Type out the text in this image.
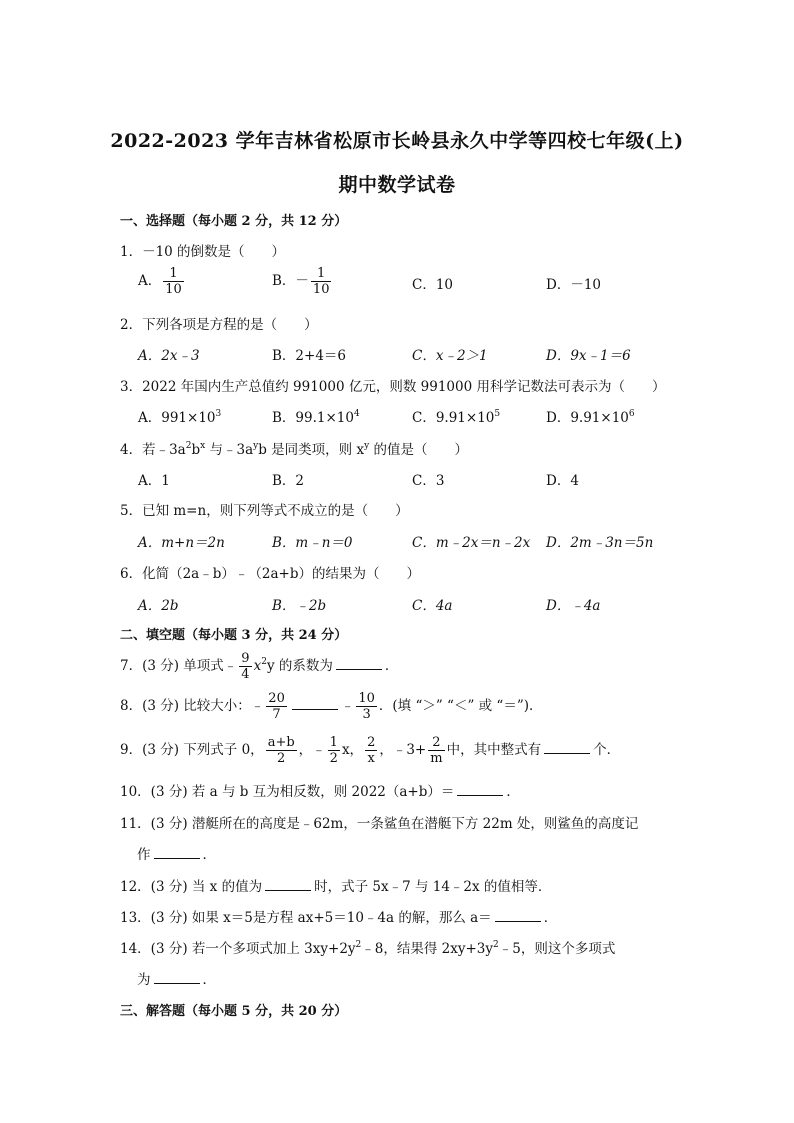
2022-2023 学年吉林省松原市长岭县永久中学等四校七年级(上)
期中数学试卷
一、选择题（每小题 2 分，共 12 分）
1．－10 的倒数是（　　）
A． $\frac{1}{10}$	B．－ $\frac{1}{10}$	C．10	D．－10
2．下列各项是方程的是（　　）
A．2x﹣3	B．2+4＝6	C．x﹣2＞1	D．9x﹣1＝6
3．2022 年国内生产总值约 991000 亿元，则数 991000 用科学记数法可表示为（　　）
A．$991\times 10^3$	B．$99.1\times 10^4$	C．$9.91\times 10^5$	D．$9.91\times 10^6$
4．若$﹣3a^2b^x$ 与$﹣3a^yb$ 是同类项，则 $x^y$ 的值是（　　）
A．1	B．2	C．3	D．4
5．已知 m=n，则下列等式不成立的是（　　）
A．m+n＝2n	B．m﹣n＝0	C．m﹣2x＝n﹣2x D．2m﹣3n＝5n
6．化简（2a﹣b）﹣（2a+b）的结果为（　　）
A．2b	B．﹣2b	C．4a	D．﹣4a
二、填空题（每小题 3 分，共 24 分）
7．(3 分) 单项式﹣ $\frac{9}{4} x^2y$ 的系数为	．
8．(3 分) 比较大小：﹣ $\frac{20}{7}$	﹣ $\frac{10}{3}$ ．(填 “＞” “＜” 或 “＝”)．
9．(3 分) 下列式子 0， $\frac{a+b}{2}$ ，﹣ $\frac{1}{2}$ x， $\frac{2}{x}$ ，﹣3+ $\frac{2}{m}$ 中，其中整式有	个．
10．(3 分) 若 a 与 b 互为相反数，则 2022（a+b）＝	．
11．(3 分) 潜艇所在的高度是﹣62m，一条鲨鱼在潜艇下方 22m 处，则鲨鱼的高度记
作	．
12．(3 分) 当 x 的值为	时，式子 5x﹣7 与 14﹣2x 的值相等．
13．(3 分) 如果 x＝5是方程 ax+5＝10﹣4a 的解，那么 a＝	．
14．(3 分) 若一个多项式加上 $3xy+2y^2﹣8$，结果得 $2xy+3y^2﹣5$，则这个多项式
为	．
三、解答题（每小题 5 分，共 20 分）
